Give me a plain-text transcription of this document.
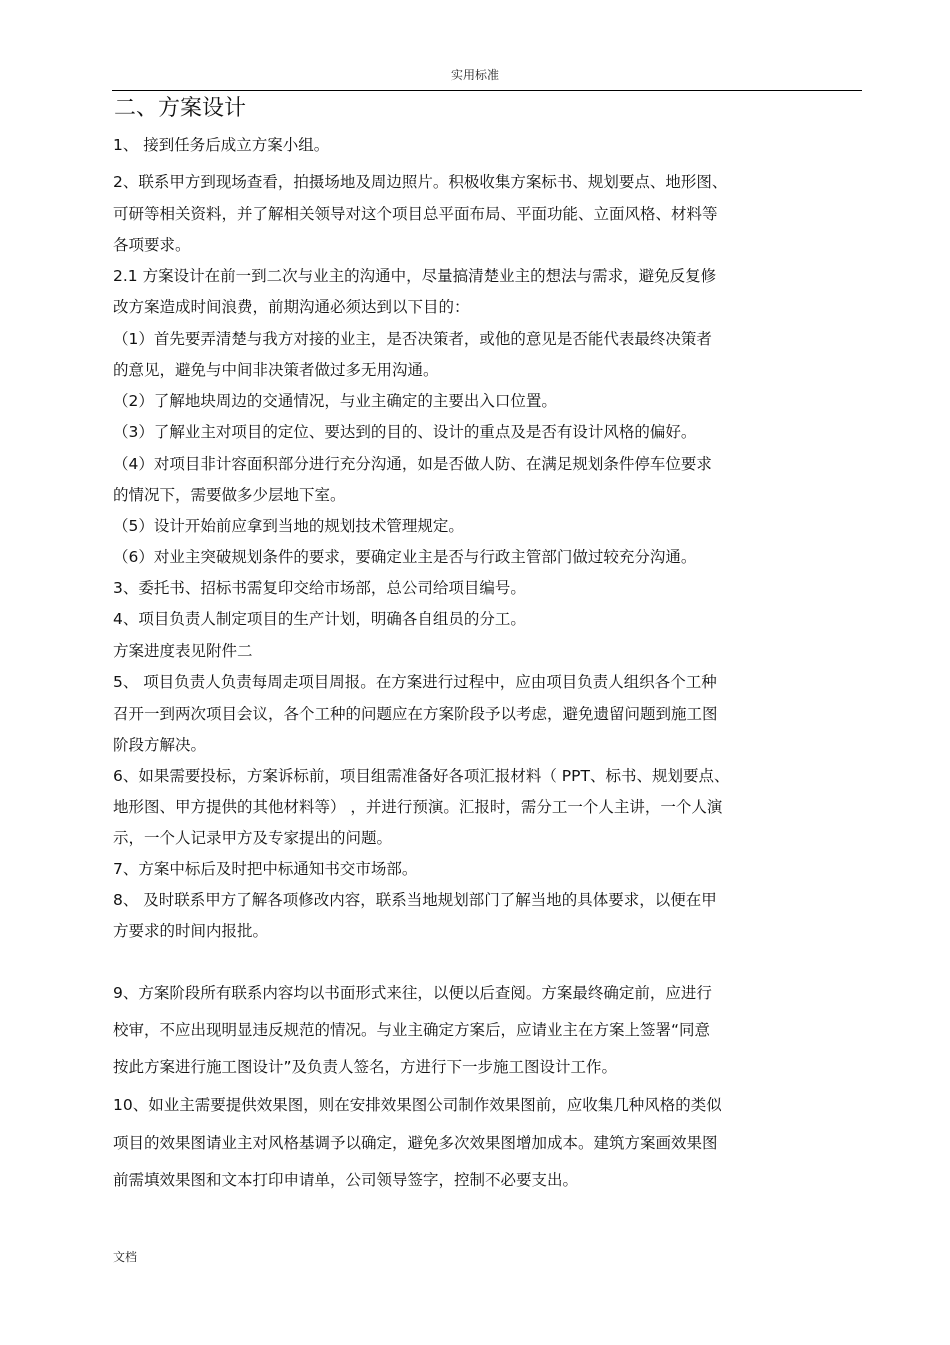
实用标准
二、方案设计
1、 接到任务后成立方案小组。
2、联系甲方到现场查看，拍摄场地及周边照片。积极收集方案标书、规划要点、地形图、
可研等相关资料，并了解相关领导对这个项目总平面布局、平面功能、立面风格、材料等
各项要求。
2.1 方案设计在前一到二次与业主的沟通中，尽量搞清楚业主的想法与需求，避免反复修
改方案造成时间浪费，前期沟通必须达到以下目的：
（1）首先要弄清楚与我方对接的业主，是否决策者，或他的意见是否能代表最终决策者
的意见，避免与中间非决策者做过多无用沟通。
（2）了解地块周边的交通情况，与业主确定的主要出入口位置。
（3）了解业主对项目的定位、要达到的目的、设计的重点及是否有设计风格的偏好。
（4）对项目非计容面积部分进行充分沟通，如是否做人防、在满足规划条件停车位要求
的情况下，需要做多少层地下室。
（5）设计开始前应拿到当地的规划技术管理规定。
（6）对业主突破规划条件的要求，要确定业主是否与行政主管部门做过较充分沟通。
3、委托书、招标书需复印交给市场部，总公司给项目编号。
4、项目负责人制定项目的生产计划，明确各自组员的分工。
方案进度表见附件二
5、 项目负责人负责每周走项目周报。在方案进行过程中，应由项目负责人组织各个工种
召开一到两次项目会议，各个工种的问题应在方案阶段予以考虑，避免遗留问题到施工图
阶段方解决。
6、如果需要投标，方案诉标前，项目组需准备好各项汇报材料（ PPT、标书、规划要点、
地形图、甲方提供的其他材料等） ，并进行预演。汇报时，需分工一个人主讲，一个人演
示，一个人记录甲方及专家提出的问题。
7、方案中标后及时把中标通知书交市场部。
8、 及时联系甲方了解各项修改内容，联系当地规划部门了解当地的具体要求，以便在甲
方要求的时间内报批。
9、方案阶段所有联系内容均以书面形式来往，以便以后查阅。方案最终确定前，应进行
校审，不应出现明显违反规范的情况。与业主确定方案后，应请业主在方案上签署“同意
按此方案进行施工图设计”及负责人签名，方进行下一步施工图设计工作。
10、如业主需要提供效果图，则在安排效果图公司制作效果图前，应收集几种风格的类似
项目的效果图请业主对风格基调予以确定，避免多次效果图增加成本。建筑方案画效果图
前需填效果图和文本打印申请单，公司领导签字，控制不必要支出。
文档
